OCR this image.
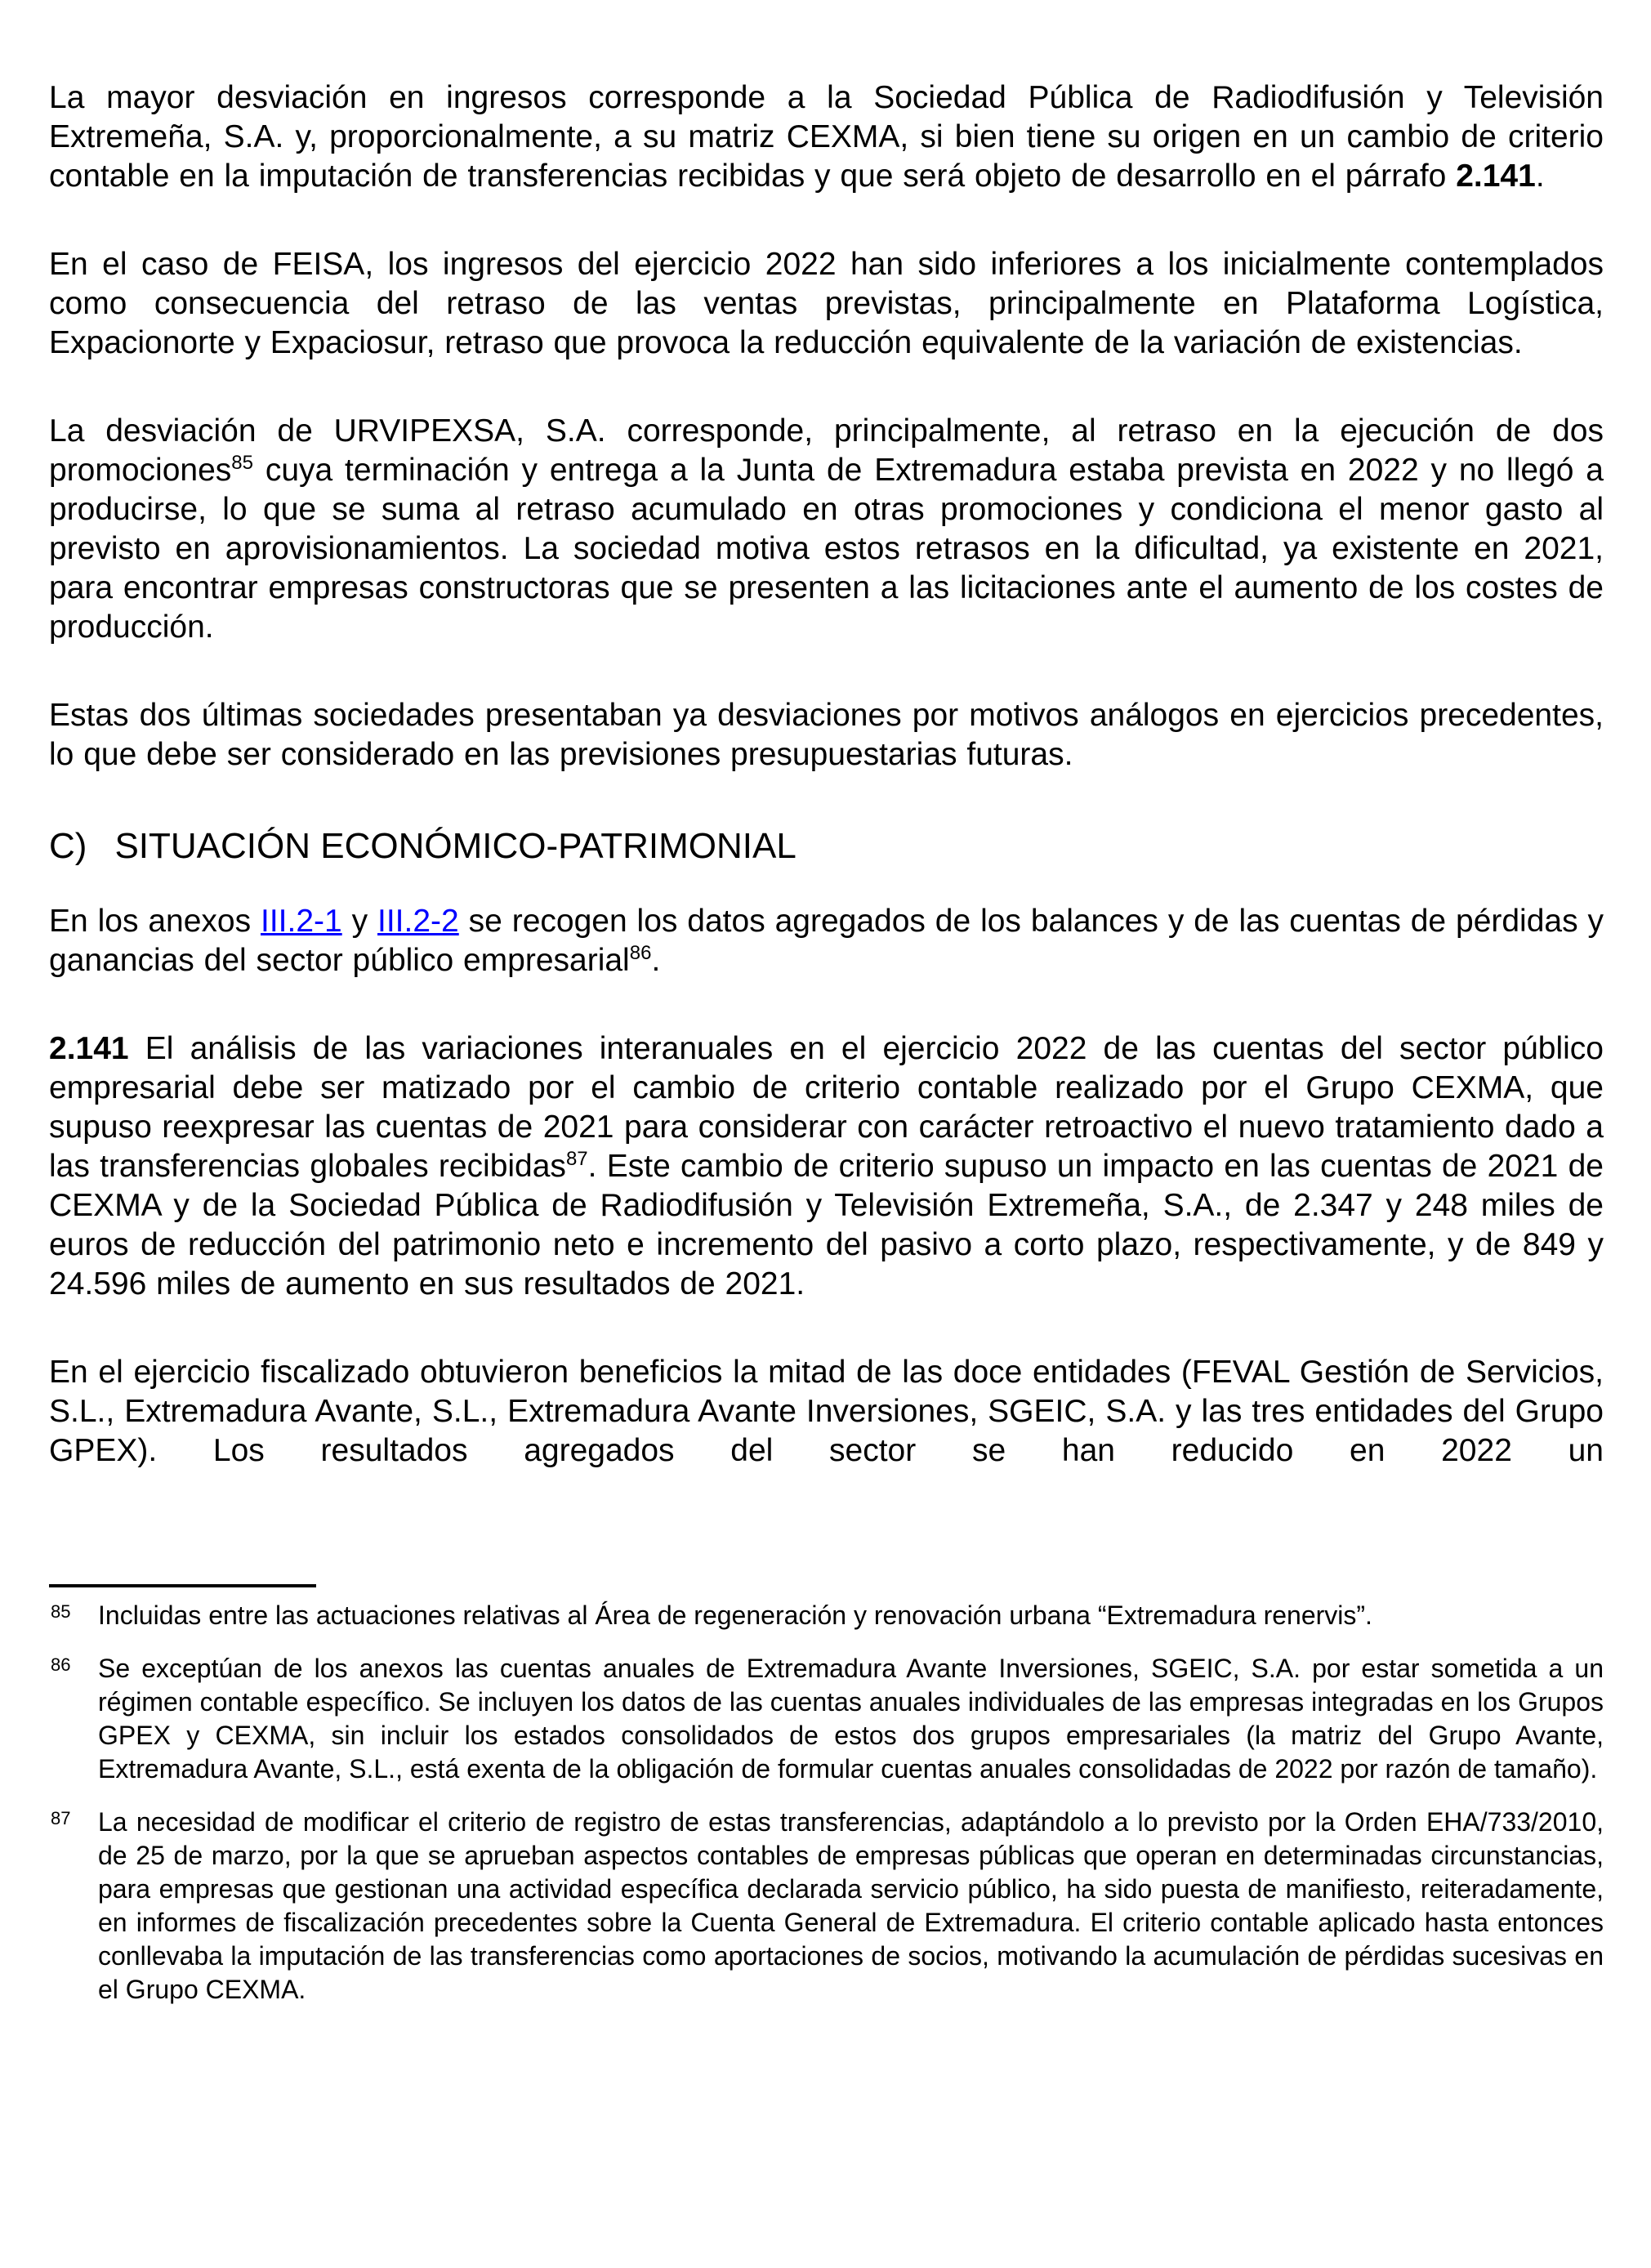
La mayor desviación en ingresos corresponde a la Sociedad Pública de Radiodifusión y Televisión Extremeña, S.A. y, proporcionalmente, a su matriz CEXMA, si bien tiene su origen en un cambio de criterio contable en la imputación de transferencias recibidas y que será objeto de desarrollo en el párrafo 2.141.

En el caso de FEISA, los ingresos del ejercicio 2022 han sido inferiores a los inicialmente contemplados como consecuencia del retraso de las ventas previstas, principalmente en Plataforma Logística, Expacionorte y Expaciosur, retraso que provoca la reducción equivalente de la variación de existencias.

La desviación de URVIPEXSA, S.A. corresponde, principalmente, al retraso en la ejecución de dos promociones$^{85}$ cuya terminación y entrega a la Junta de Extremadura estaba prevista en 2022 y no llegó a producirse, lo que se suma al retraso acumulado en otras promociones y condiciona el menor gasto al previsto en aprovisionamientos. La sociedad motiva estos retrasos en la dificultad, ya existente en 2021, para encontrar empresas constructoras que se presenten a las licitaciones ante el aumento de los costes de producción.

Estas dos últimas sociedades presentaban ya desviaciones por motivos análogos en ejercicios precedentes, lo que debe ser considerado en las previsiones presupuestarias futuras.

C) SITUACIÓN ECONÓMICO-PATRIMONIAL

En los anexos III.2-1 y III.2-2 se recogen los datos agregados de los balances y de las cuentas de pérdidas y ganancias del sector público empresarial$^{86}$.

2.141 El análisis de las variaciones interanuales en el ejercicio 2022 de las cuentas del sector público empresarial debe ser matizado por el cambio de criterio contable realizado por el Grupo CEXMA, que supuso reexpresar las cuentas de 2021 para considerar con carácter retroactivo el nuevo tratamiento dado a las transferencias globales recibidas$^{87}$. Este cambio de criterio supuso un impacto en las cuentas de 2021 de CEXMA y de la Sociedad Pública de Radiodifusión y Televisión Extremeña, S.A., de 2.347 y 248 miles de euros de reducción del patrimonio neto e incremento del pasivo a corto plazo, respectivamente, y de 849 y 24.596 miles de aumento en sus resultados de 2021.

En el ejercicio fiscalizado obtuvieron beneficios la mitad de las doce entidades (FEVAL Gestión de Servicios, S.L., Extremadura Avante, S.L., Extremadura Avante Inversiones, SGEIC, S.A. y las tres entidades del Grupo GPEX). Los resultados agregados del sector se han reducido en 2022 un

85 Incluidas entre las actuaciones relativas al Área de regeneración y renovación urbana “Extremadura renervis”.
86 Se exceptúan de los anexos las cuentas anuales de Extremadura Avante Inversiones, SGEIC, S.A. por estar sometida a un régimen contable específico. Se incluyen los datos de las cuentas anuales individuales de las empresas integradas en los Grupos GPEX y CEXMA, sin incluir los estados consolidados de estos dos grupos empresariales (la matriz del Grupo Avante, Extremadura Avante, S.L., está exenta de la obligación de formular cuentas anuales consolidadas de 2022 por razón de tamaño).
87 La necesidad de modificar el criterio de registro de estas transferencias, adaptándolo a lo previsto por la Orden EHA/733/2010, de 25 de marzo, por la que se aprueban aspectos contables de empresas públicas que operan en determinadas circunstancias, para empresas que gestionan una actividad específica declarada servicio público, ha sido puesta de manifiesto, reiteradamente, en informes de fiscalización precedentes sobre la Cuenta General de Extremadura. El criterio contable aplicado hasta entonces conllevaba la imputación de las transferencias como aportaciones de socios, motivando la acumulación de pérdidas sucesivas en el Grupo CEXMA.
